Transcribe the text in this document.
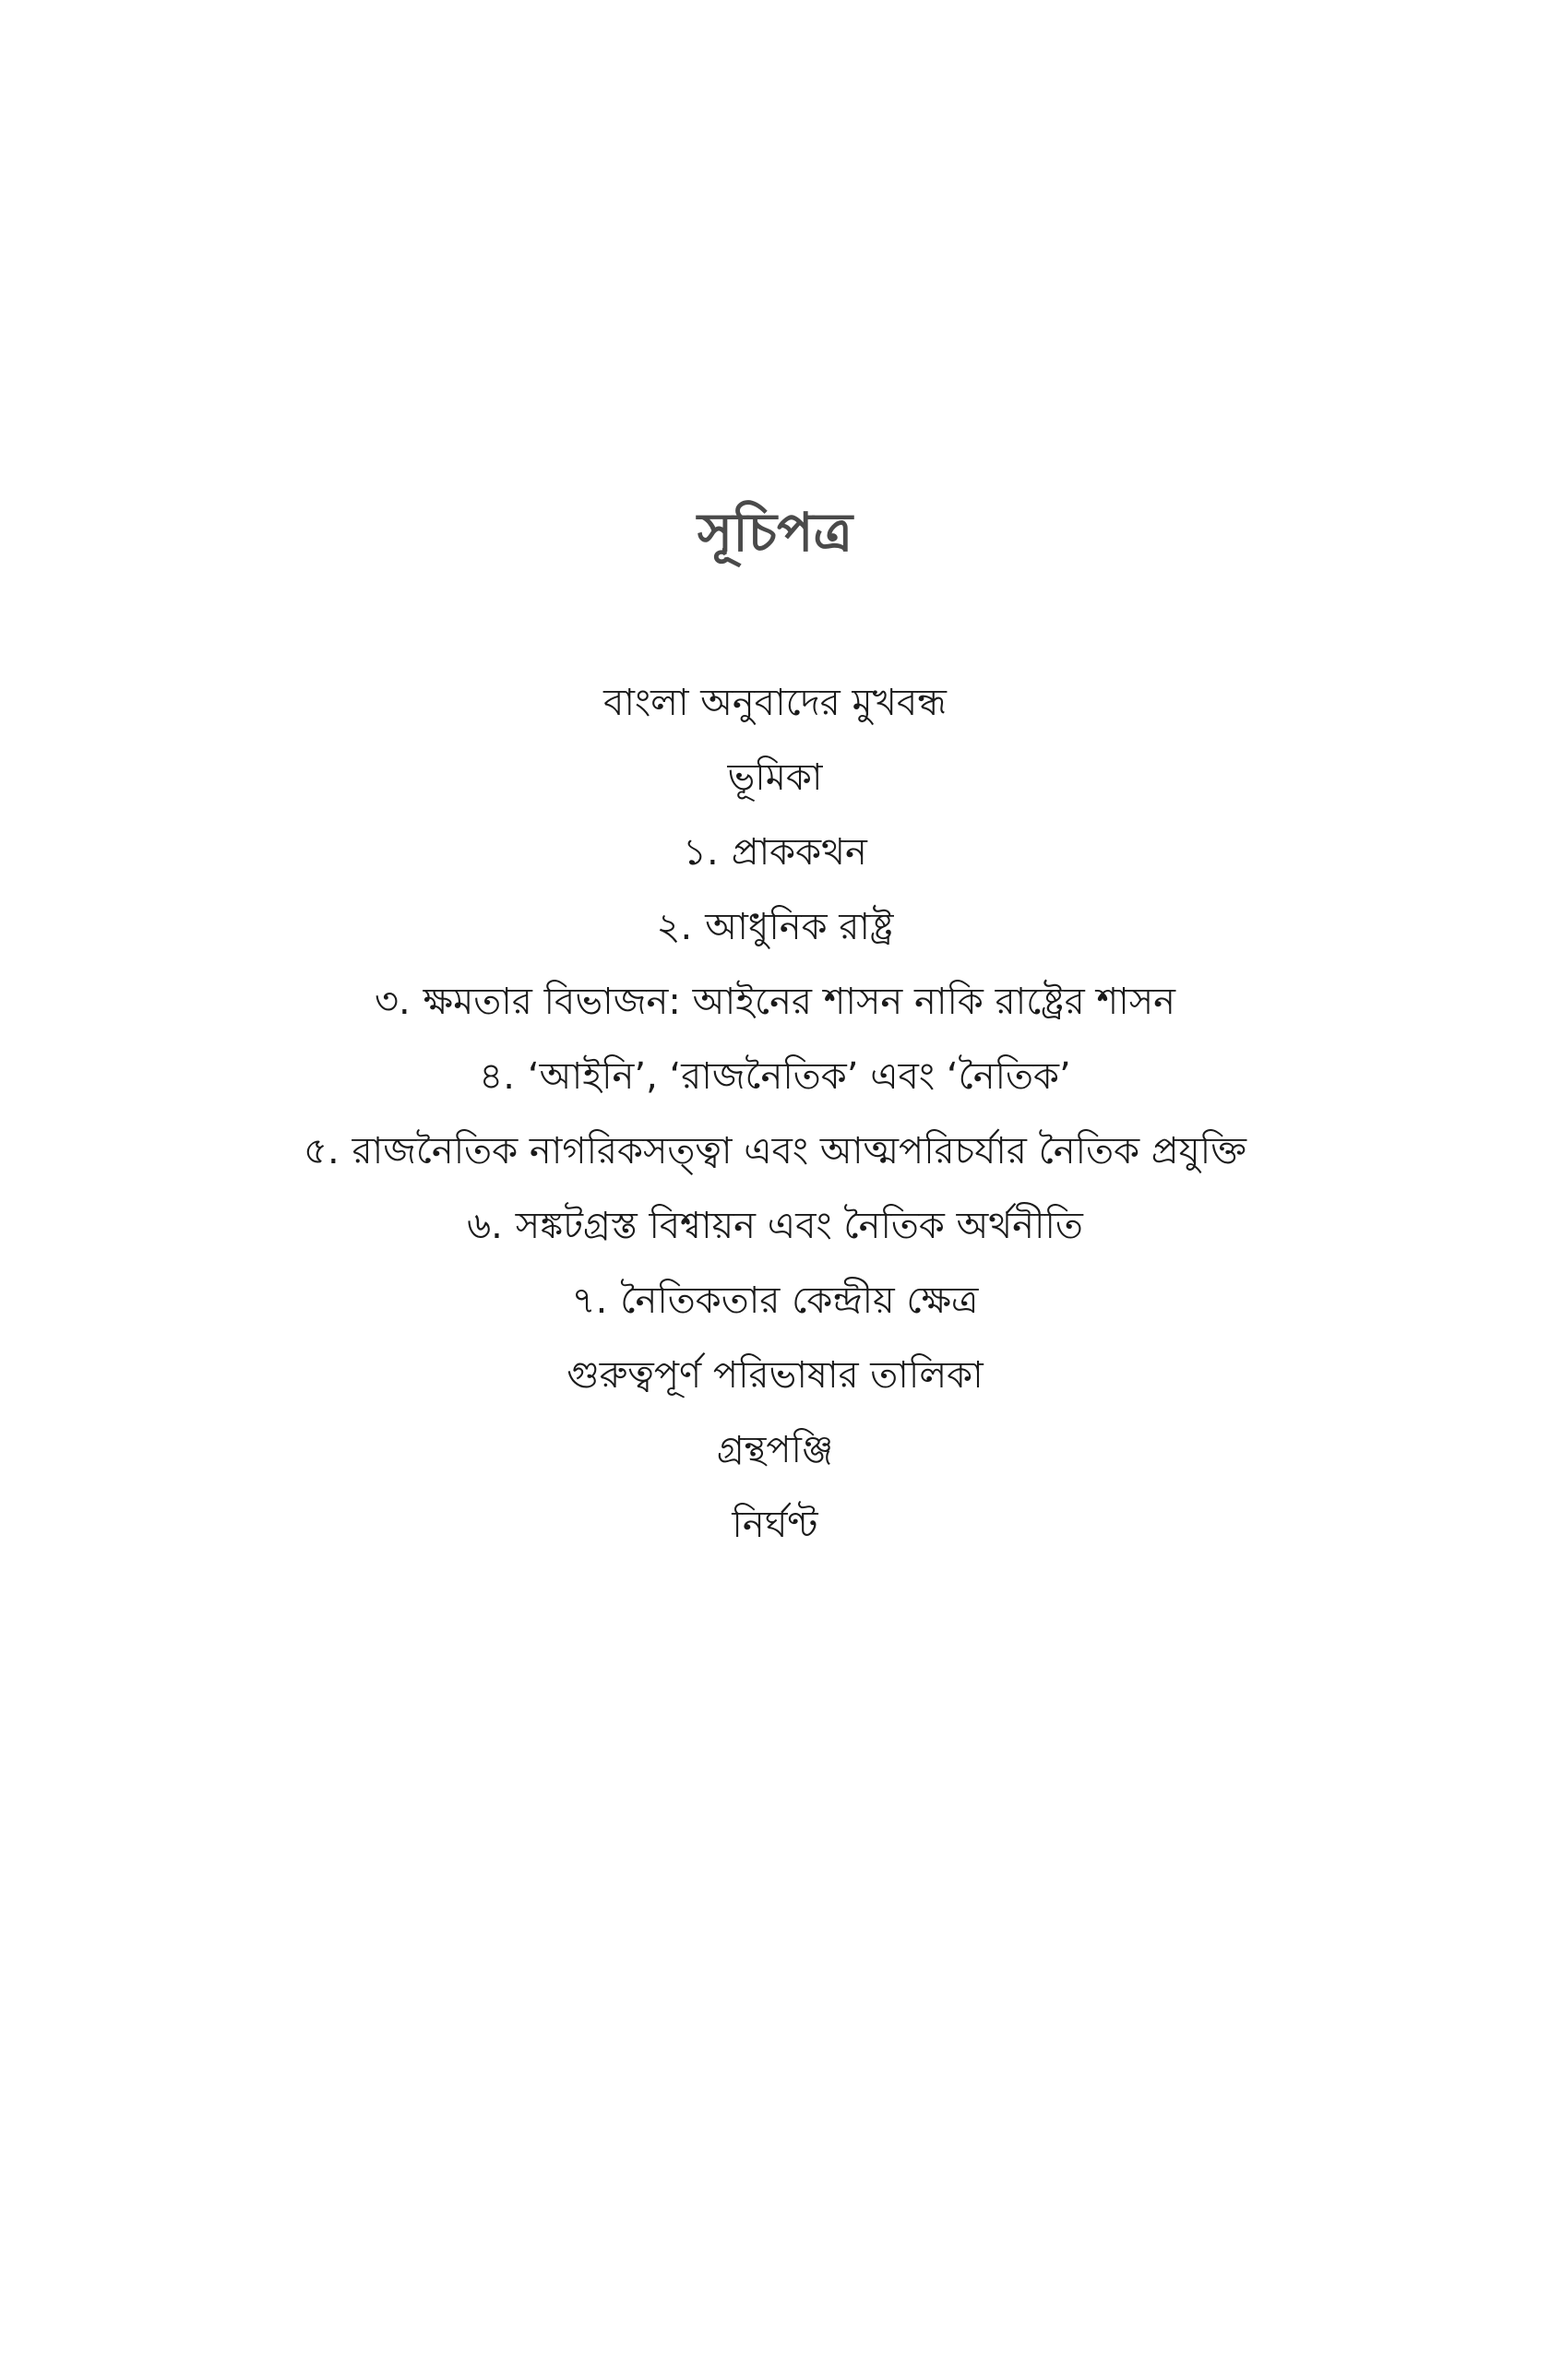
সূচিপত্র
বাংলা অনুবাদের মুখবন্ধ
ভূমিকা
১. প্রাককথন
২. আধুনিক রাষ্ট্র
৩. ক্ষমতার বিভাজন: আইনের শাসন নাকি রাষ্ট্রের শাসন
৪. ‘আইনি’, ‘রাজনৈতিক’ এবং ‘নৈতিক’
৫. রাজনৈতিক নাগরিকসত্ত্বা এবং আত্মপরিচর্যার নৈতিক প্রযুক্তি
৬. সঙ্কটগ্রস্ত বিশ্বায়ন এবং নৈতিক অর্থনীতি
৭. নৈতিকতার কেন্দ্রীয় ক্ষেত্র
গুরুত্বপূর্ণ পরিভাষার তালিকা
গ্রন্থপঞ্জি
নির্ঘণ্ট
